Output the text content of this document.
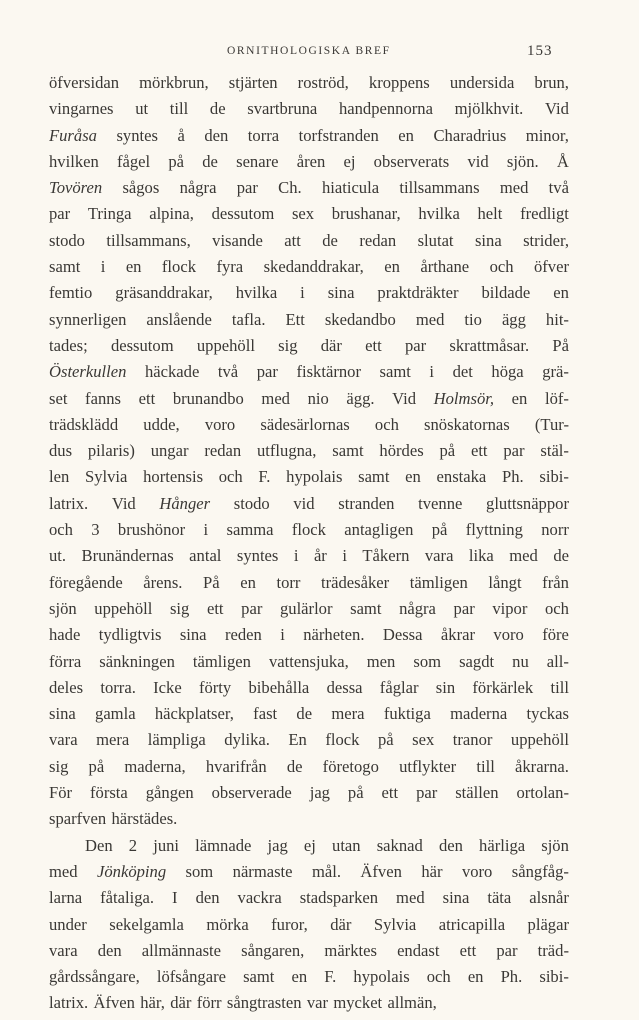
ORNITHOLOGISKA BREF	153
öfversidan mörkbrun, stjärten roströd, kroppens undersida brun,
vingarnes ut till de svartbruna handpennorna mjölkhvit. Vid
Furåsa syntes å den torra torfstranden en Charadrius minor,
hvilken fågel på de senare åren ej observerats vid sjön. Å
Tovören sågos några par Ch. hiaticula tillsammans med två
par Tringa alpina, dessutom sex brushanar, hvilka helt fredligt
stodo tillsammans, visande att de redan slutat sina strider,
samt i en flock fyra skedanddrakar, en årthane och öfver
femtio gräsanddrakar, hvilka i sina praktdräkter bildade en
synnerligen anslående tafla. Ett skedandbo med tio ägg hit-
tades; dessutom uppehöll sig där ett par skrattmåsar. På
Österkullen häckade två par fisktärnor samt i det höga grä-
set fanns ett brunandbo med nio ägg. Vid Holmsör, en löf-
trädsklädd udde, voro sädesärlornas och snöskatornas (Tur-
dus pilaris) ungar redan utflugna, samt hördes på ett par stäl-
len Sylvia hortensis och F. hypolais samt en enstaka Ph. sibi-
latrix. Vid Hånger stodo vid stranden tvenne gluttsnäppor
och 3 brushönor i samma flock antagligen på flyttning norr
ut. Brunändernas antal syntes i år i Tåkern vara lika med de
föregående årens. På en torr trädesåker tämligen långt från
sjön uppehöll sig ett par gulärlor samt några par vipor och
hade tydligtvis sina reden i närheten. Dessa åkrar voro före
förra sänkningen tämligen vattensjuka, men som sagdt nu all-
deles torra. Icke förty bibehålla dessa fåglar sin förkärlek till
sina gamla häckplatser, fast de mera fuktiga maderna tyckas
vara mera lämpliga dylika. En flock på sex tranor uppehöll
sig på maderna, hvarifrån de företogo utflykter till åkrarna.
För första gången observerade jag på ett par ställen ortolan-
sparfven härstädes.
Den 2 juni lämnade jag ej utan saknad den härliga sjön
med Jönköping som närmaste mål. Äfven här voro sångfåg-
larna fåtaliga. I den vackra stadsparken med sina täta alsnår
under sekelgamla mörka furor, där Sylvia atricapilla plägar
vara den allmännaste sångaren, märktes endast ett par träd-
gårdssångare, löfsångare samt en F. hypolais och en Ph. sibi-
latrix. Äfven här, där förr sångtrasten var mycket allmän,
